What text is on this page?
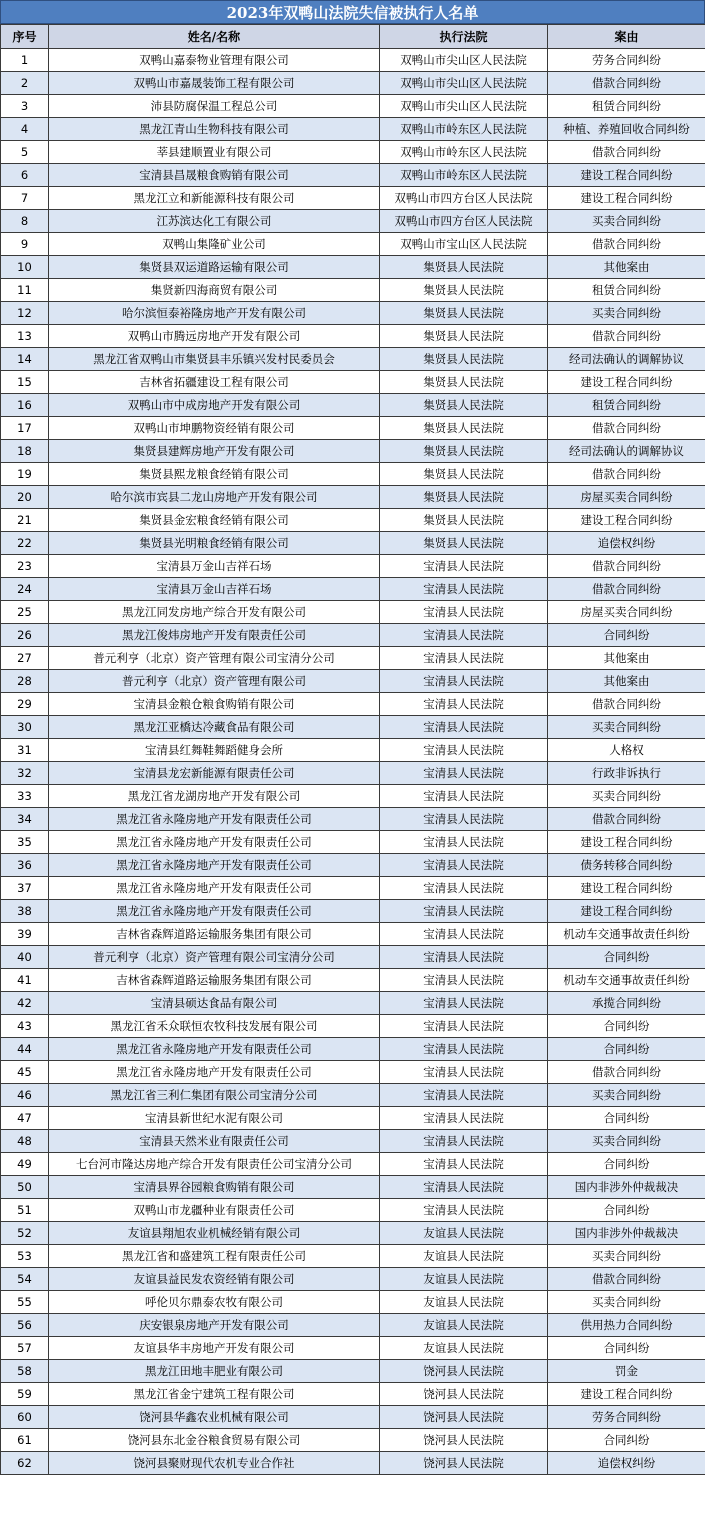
2023年双鸭山法院失信被执行人名单
序号	姓名/名称	执行法院	案由
1	双鸭山嘉泰物业管理有限公司	双鸭山市尖山区人民法院	劳务合同纠纷
2	双鸭山市嘉晟装饰工程有限公司	双鸭山市尖山区人民法院	借款合同纠纷
3	沛县防腐保温工程总公司	双鸭山市尖山区人民法院	租赁合同纠纷
4	黑龙江青山生物科技有限公司	双鸭山市岭东区人民法院	种植、养殖回收合同纠纷
5	莘县建顺置业有限公司	双鸭山市岭东区人民法院	借款合同纠纷
6	宝清县昌晟粮食购销有限公司	双鸭山市岭东区人民法院	建设工程合同纠纷
7	黑龙江立和新能源科技有限公司	双鸭山市四方台区人民法院	建设工程合同纠纷
8	江苏滨达化工有限公司	双鸭山市四方台区人民法院	买卖合同纠纷
9	双鸭山集隆矿业公司	双鸭山市宝山区人民法院	借款合同纠纷
10	集贤县双运道路运输有限公司	集贤县人民法院	其他案由
11	集贤新四海商贸有限公司	集贤县人民法院	租赁合同纠纷
12	哈尔滨恒泰裕隆房地产开发有限公司	集贤县人民法院	买卖合同纠纷
13	双鸭山市腾远房地产开发有限公司	集贤县人民法院	借款合同纠纷
14	黑龙江省双鸭山市集贤县丰乐镇兴发村民委员会	集贤县人民法院	经司法确认的调解协议
15	吉林省拓疆建设工程有限公司	集贤县人民法院	建设工程合同纠纷
16	双鸭山市中成房地产开发有限公司	集贤县人民法院	租赁合同纠纷
17	双鸭山市坤鹏物资经销有限公司	集贤县人民法院	借款合同纠纷
18	集贤县建辉房地产开发有限公司	集贤县人民法院	经司法确认的调解协议
19	集贤县熙龙粮食经销有限公司	集贤县人民法院	借款合同纠纷
20	哈尔滨市宾县二龙山房地产开发有限公司	集贤县人民法院	房屋买卖合同纠纷
21	集贤县金宏粮食经销有限公司	集贤县人民法院	建设工程合同纠纷
22	集贤县光明粮食经销有限公司	集贤县人民法院	追偿权纠纷
23	宝清县万金山吉祥石场	宝清县人民法院	借款合同纠纷
24	宝清县万金山吉祥石场	宝清县人民法院	借款合同纠纷
25	黑龙江同发房地产综合开发有限公司	宝清县人民法院	房屋买卖合同纠纷
26	黑龙江俊炜房地产开发有限责任公司	宝清县人民法院	合同纠纷
27	普元利亨（北京）资产管理有限公司宝清分公司	宝清县人民法院	其他案由
28	普元利亨（北京）资产管理有限公司	宝清县人民法院	其他案由
29	宝清县金粮仓粮食购销有限公司	宝清县人民法院	借款合同纠纷
30	黑龙江亚橋达冷藏食品有限公司	宝清县人民法院	买卖合同纠纷
31	宝清县红舞鞋舞蹈健身会所	宝清县人民法院	人格权
32	宝清县龙宏新能源有限责任公司	宝清县人民法院	行政非诉执行
33	黑龙江省龙湖房地产开发有限公司	宝清县人民法院	买卖合同纠纷
34	黑龙江省永隆房地产开发有限责任公司	宝清县人民法院	借款合同纠纷
35	黑龙江省永隆房地产开发有限责任公司	宝清县人民法院	建设工程合同纠纷
36	黑龙江省永隆房地产开发有限责任公司	宝清县人民法院	债务转移合同纠纷
37	黑龙江省永隆房地产开发有限责任公司	宝清县人民法院	建设工程合同纠纷
38	黑龙江省永隆房地产开发有限责任公司	宝清县人民法院	建设工程合同纠纷
39	吉林省森辉道路运输服务集团有限公司	宝清县人民法院	机动车交通事故责任纠纷
40	普元利亨（北京）资产管理有限公司宝清分公司	宝清县人民法院	合同纠纷
41	吉林省森辉道路运输服务集团有限公司	宝清县人民法院	机动车交通事故责任纠纷
42	宝清县硕达食品有限公司	宝清县人民法院	承揽合同纠纷
43	黑龙江省禾众联恒农牧科技发展有限公司	宝清县人民法院	合同纠纷
44	黑龙江省永隆房地产开发有限责任公司	宝清县人民法院	合同纠纷
45	黑龙江省永隆房地产开发有限责任公司	宝清县人民法院	借款合同纠纷
46	黑龙江省三利仁集团有限公司宝清分公司	宝清县人民法院	买卖合同纠纷
47	宝清县新世纪水泥有限公司	宝清县人民法院	合同纠纷
48	宝清县天然米业有限责任公司	宝清县人民法院	买卖合同纠纷
49	七台河市隆达房地产综合开发有限责任公司宝清分公司	宝清县人民法院	合同纠纷
50	宝清县界谷园粮食购销有限公司	宝清县人民法院	国内非涉外仲裁裁决
51	双鸭山市龙疆种业有限责任公司	宝清县人民法院	合同纠纷
52	友谊县翔旭农业机械经销有限公司	友谊县人民法院	国内非涉外仲裁裁决
53	黑龙江省和盛建筑工程有限责任公司	友谊县人民法院	买卖合同纠纷
54	友谊县益民发农资经销有限公司	友谊县人民法院	借款合同纠纷
55	呼伦贝尔鼎泰农牧有限公司	友谊县人民法院	买卖合同纠纷
56	庆安银泉房地产开发有限公司	友谊县人民法院	供用热力合同纠纷
57	友谊县华丰房地产开发有限公司	友谊县人民法院	合同纠纷
58	黑龙江田地丰肥业有限公司	饶河县人民法院	罚金
59	黑龙江省金宁建筑工程有限公司	饶河县人民法院	建设工程合同纠纷
60	饶河县华鑫农业机械有限公司	饶河县人民法院	劳务合同纠纷
61	饶河县东北金谷粮食贸易有限公司	饶河县人民法院	合同纠纷
62	饶河县聚财现代农机专业合作社	饶河县人民法院	追偿权纠纷
